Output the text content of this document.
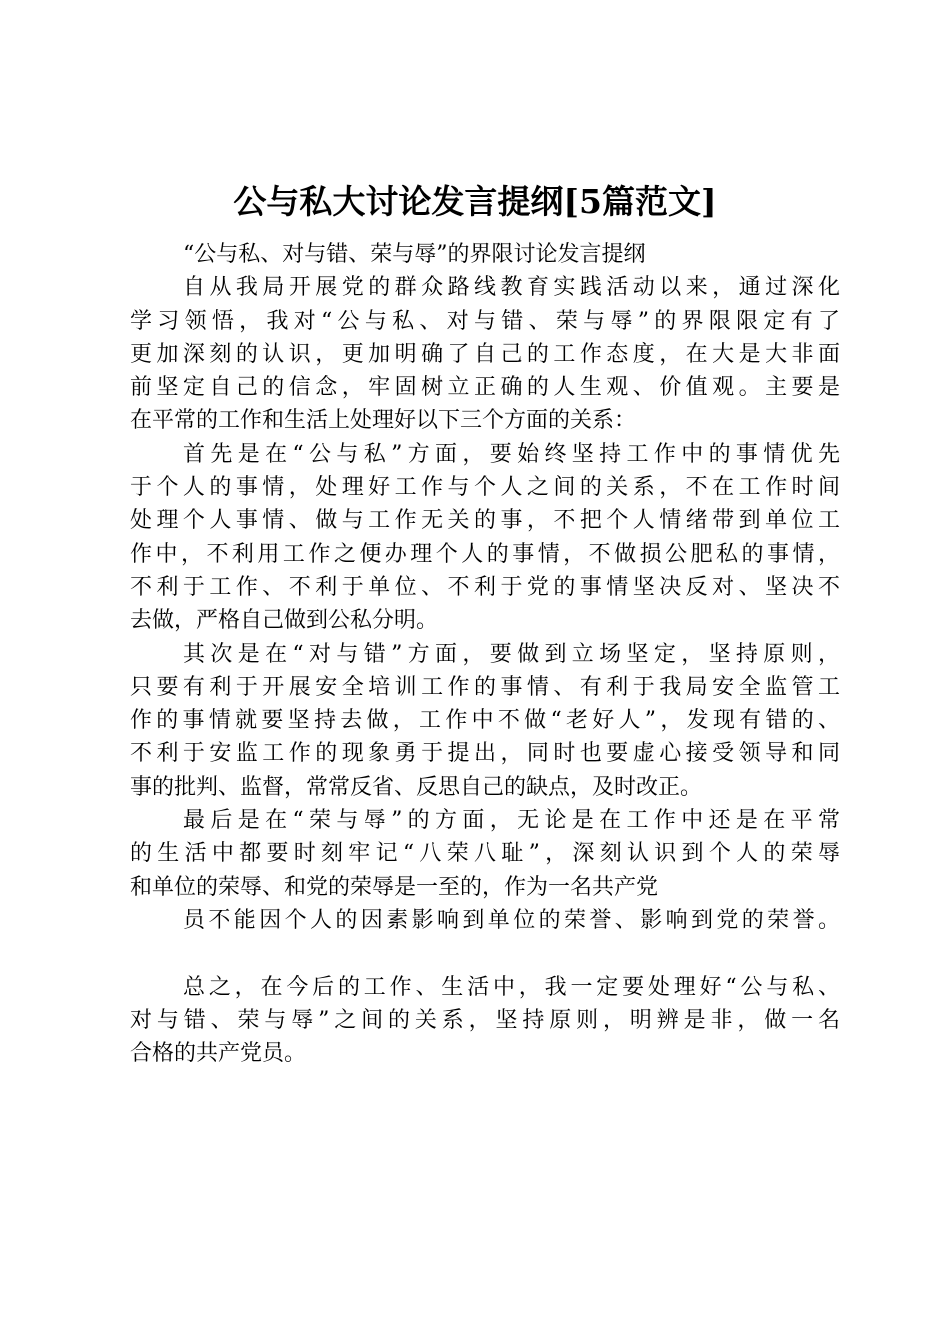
公与私大讨论发言提纲[5篇范文]
“公与私、对与错、荣与辱”的界限讨论发言提纲
自从我局开展党的群众路线教育实践活动以来，通过深化
学习领悟，我对“公与私、对与错、荣与辱”的界限限定有了
更加深刻的认识，更加明确了自己的工作态度，在大是大非面
前坚定自己的信念，牢固树立正确的人生观、价值观。主要是
在平常的工作和生活上处理好以下三个方面的关系：
首先是在“公与私”方面，要始终坚持工作中的事情优先
于个人的事情，处理好工作与个人之间的关系，不在工作时间
处理个人事情、做与工作无关的事，不把个人情绪带到单位工
作中，不利用工作之便办理个人的事情，不做损公肥私的事情，
不利于工作、不利于单位、不利于党的事情坚决反对、坚决不
去做，严格自己做到公私分明。
其次是在“对与错”方面，要做到立场坚定，坚持原则，
只要有利于开展安全培训工作的事情、有利于我局安全监管工
作的事情就要坚持去做，工作中不做“老好人”，发现有错的、
不利于安监工作的现象勇于提出，同时也要虚心接受领导和同
事的批判、监督，常常反省、反思自己的缺点，及时改正。
最后是在“荣与辱”的方面，无论是在工作中还是在平常
的生活中都要时刻牢记“八荣八耻”，深刻认识到个人的荣辱
和单位的荣辱、和党的荣辱是一至的，作为一名共产党
员不能因个人的因素影响到单位的荣誉、影响到党的荣誉。
总之，在今后的工作、生活中，我一定要处理好“公与私、
对与错、荣与辱”之间的关系，坚持原则，明辨是非，做一名
合格的共产党员。
